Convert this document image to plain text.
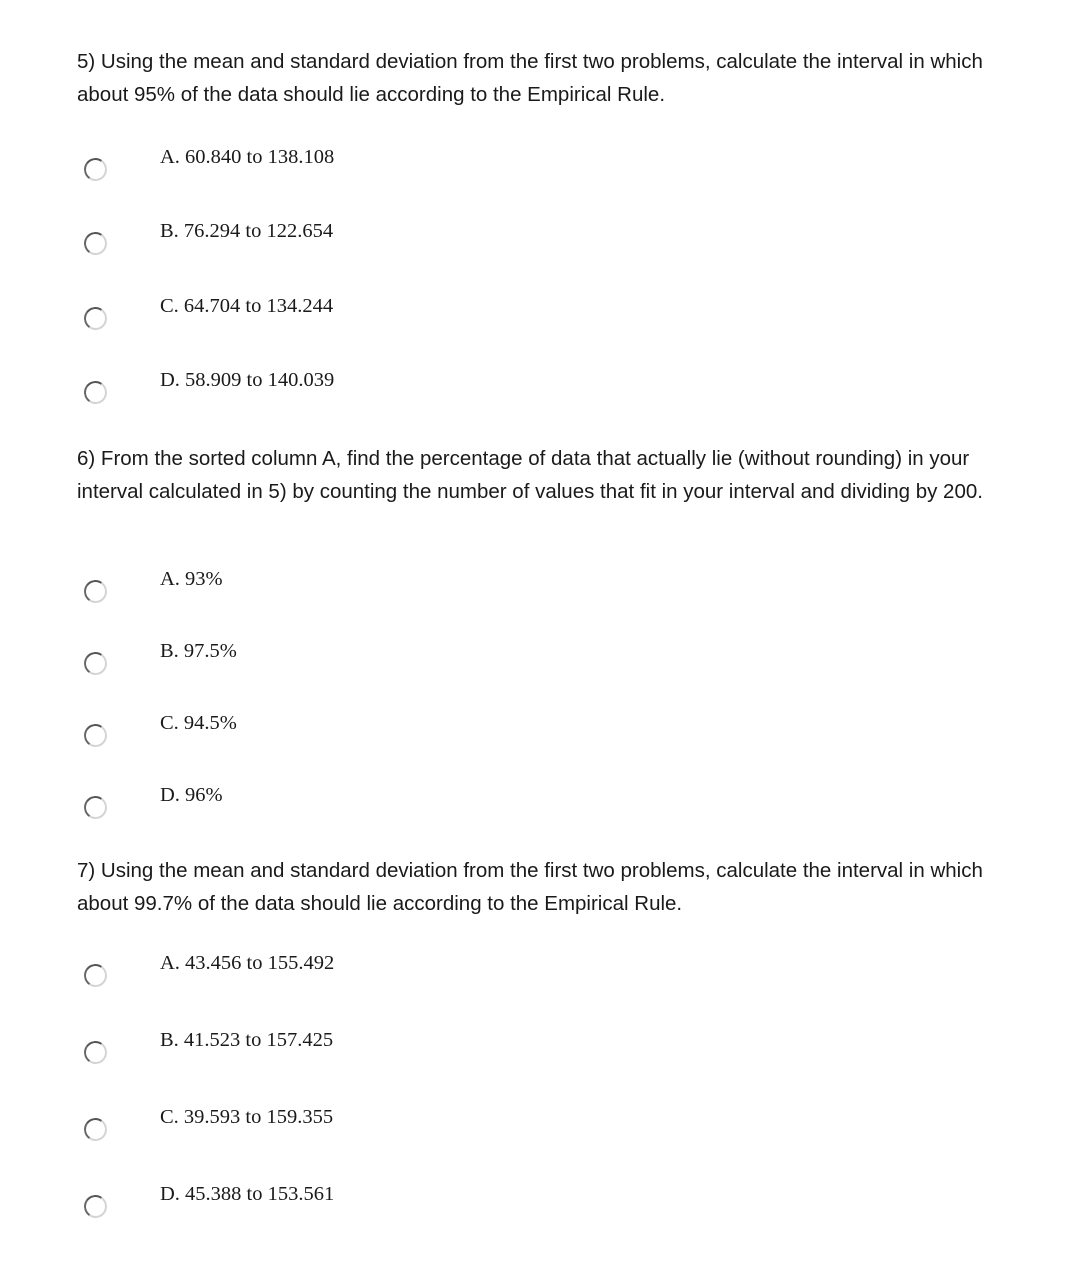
5) Using the mean and standard deviation from the first two problems, calculate the interval in which about 95% of the data should lie according to the Empirical Rule.

A. 60.840 to 138.108
B. 76.294 to 122.654
C. 64.704 to 134.244
D. 58.909 to 140.039

6) From the sorted column A, find the percentage of data that actually lie (without rounding) in your interval calculated in 5) by counting the number of values that fit in your interval and dividing by 200.

A. 93%
B. 97.5%
C. 94.5%
D. 96%

7) Using the mean and standard deviation from the first two problems, calculate the interval in which about 99.7% of the data should lie according to the Empirical Rule.

A. 43.456 to 155.492
B. 41.523 to 157.425
C. 39.593 to 159.355
D. 45.388 to 153.561
